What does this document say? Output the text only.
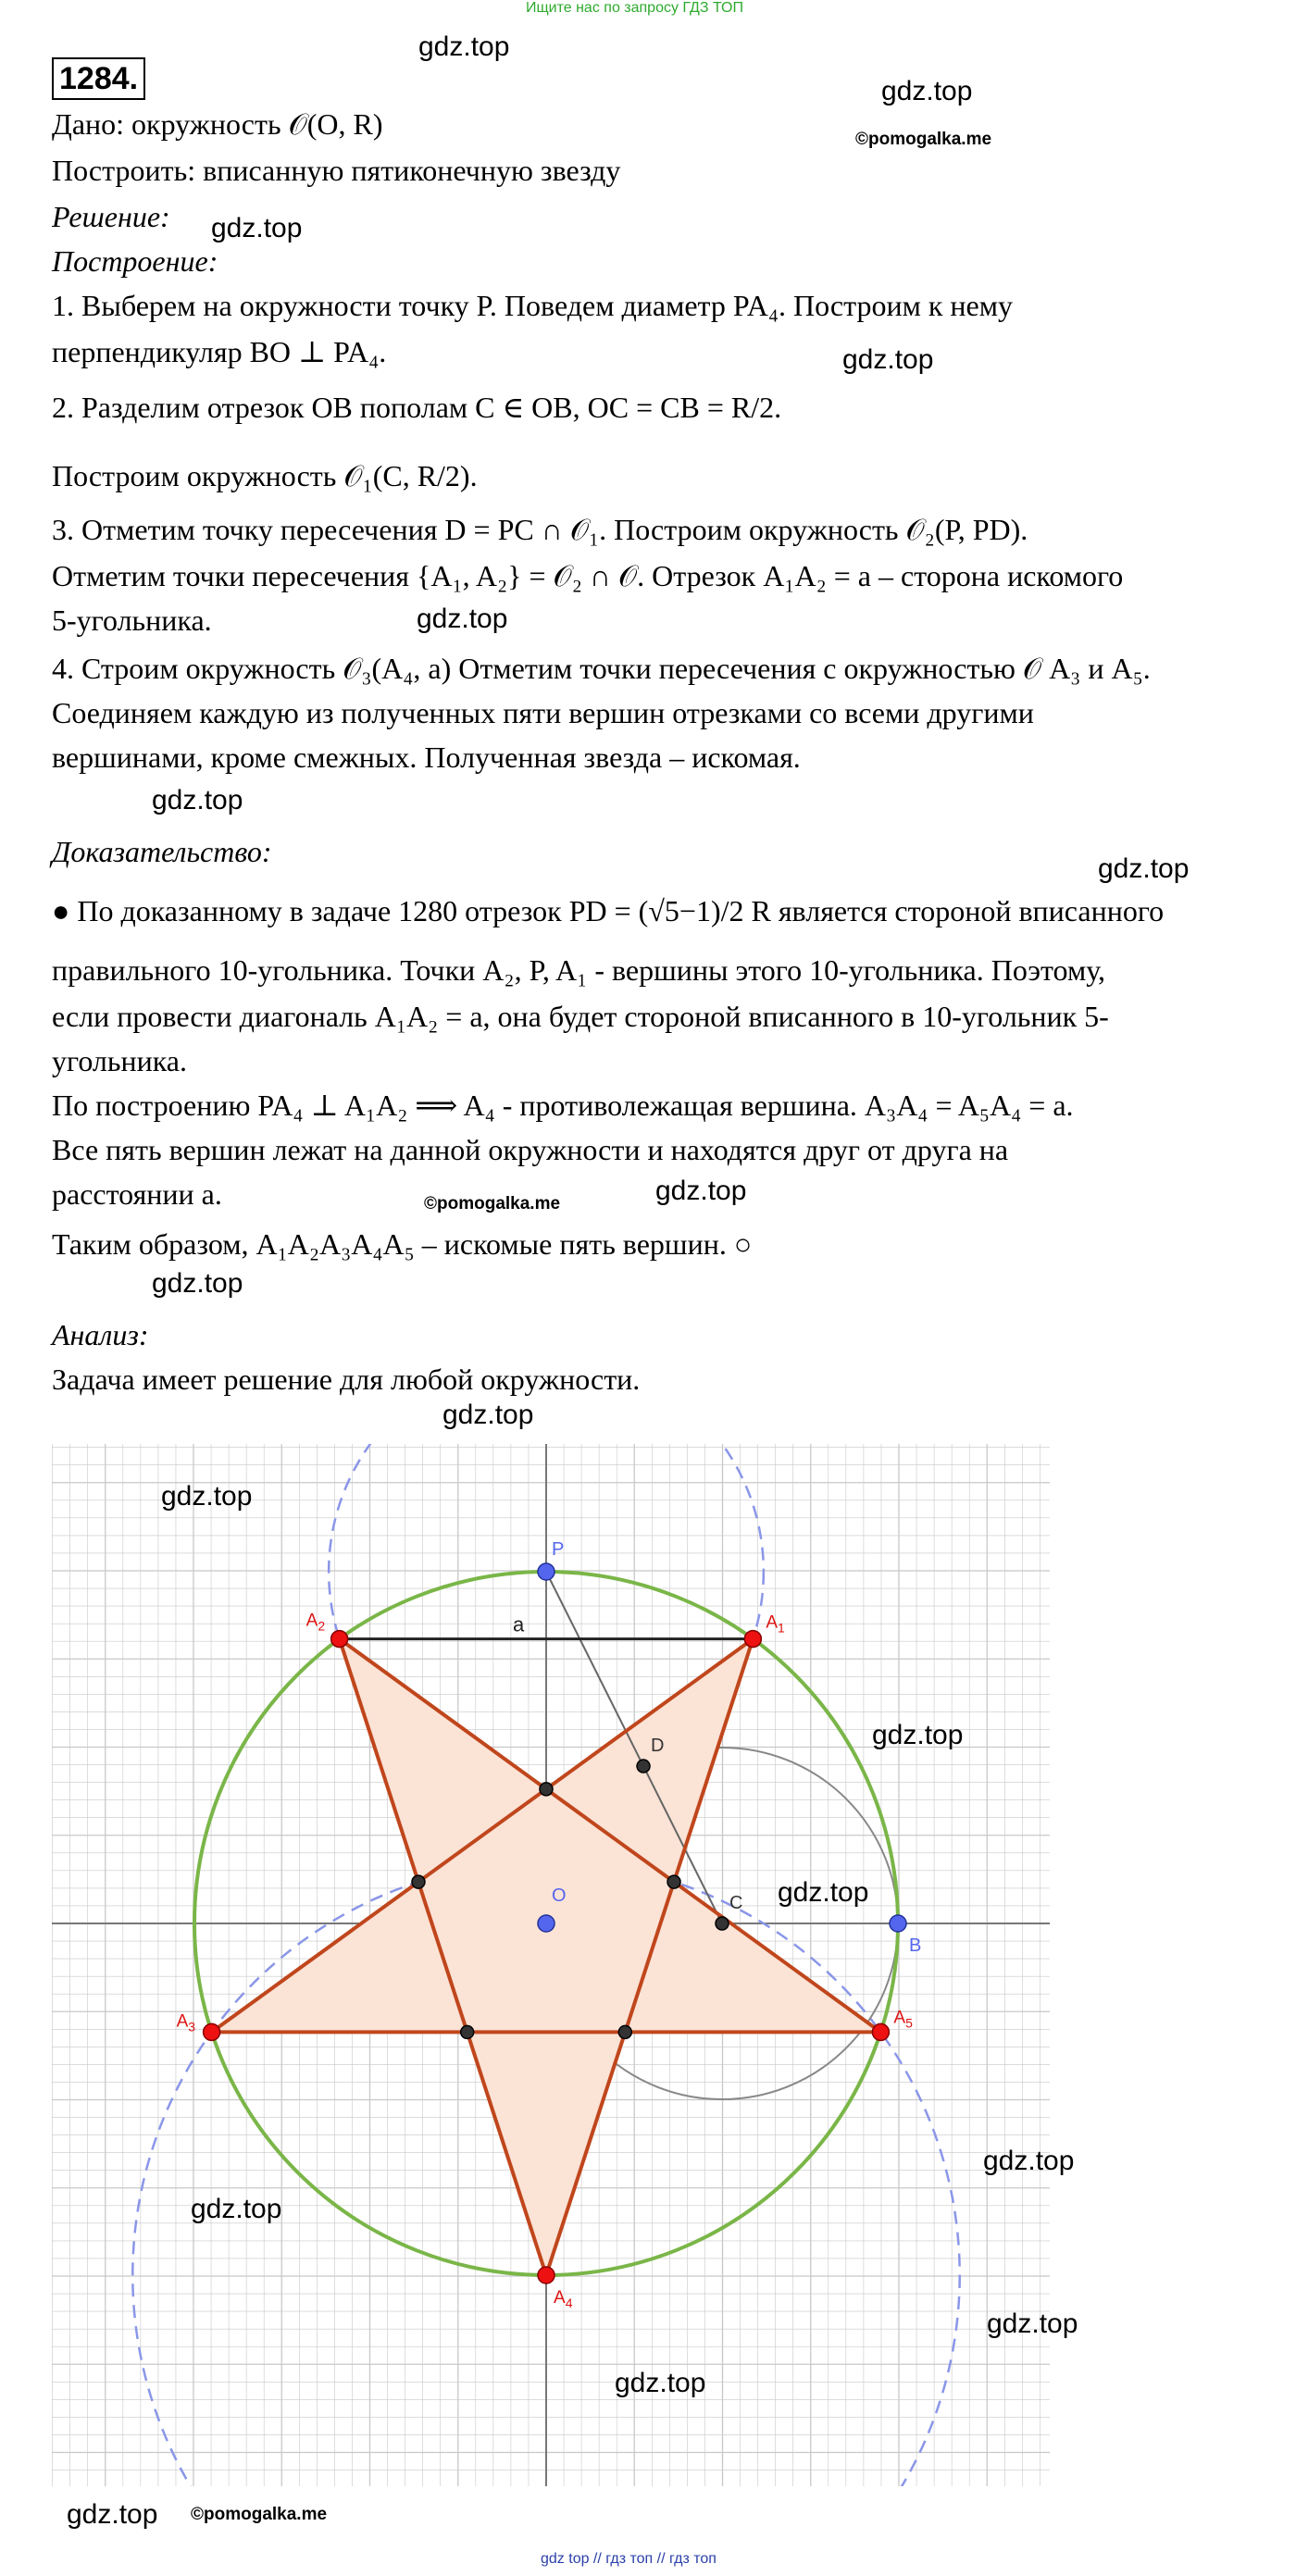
Ищите нас по запросу ГДЗ ТОП
1284.
gdz.top
gdz.top
©pomogalka.me
gdz.top
gdz.top
gdz.top
gdz.top
gdz.top
©pomogalka.me	gdz.top
gdz.top
gdz.top
Дано: окружность 𝒪(O, R)
Построить: вписанную пятиконечную звезду
Решение:
Построение:
1. Выберем на окружности точку P. Поведем диаметр PA₄. Построим к нему
перпендикуляр BO ⊥ PA₄.
2. Разделим отрезок OB пополам C ∈ OB, OC = CB = R/2.
Построим окружность 𝒪₁(C, R/2).
3. Отметим точку пересечения D = PC ∩ 𝒪₁. Построим окружность 𝒪₂(P, PD).
Отметим точки пересечения {A₁, A₂} = 𝒪₂ ∩ 𝒪. Отрезок A₁A₂ = a – сторона искомого
5-угольника.
4. Строим окружность 𝒪₃(A₄, a) Отметим точки пересечения с окружностью 𝒪 A₃ и A₅.
Соединяем каждую из полученных пяти вершин отрезками со всеми другими
вершинами, кроме смежных. Полученная звезда – искомая.
Доказательство:
● По доказанному в задаче 1280 отрезок PD = (√5−1)/2 R является стороной вписанного
правильного 10-угольника. Точки A₂, P, A₁ - вершины этого 10-угольника. Поэтому,
если провести диагональ A₁A₂ = a, она будет стороной вписанного в 10-угольник 5-
угольника.
По построению PA₄ ⊥ A₁A₂ ⟹ A₄ - противолежащая вершина. A₃A₄ = A₅A₄ = a.
Все пять вершин лежат на данной окружности и находятся друг от друга на
расстоянии a.
Таким образом, A₁A₂A₃A₄A₅ – искомые пять вершин. ○
Анализ:
Задача имеет решение для любой окружности.
P
O
B
C
D
a	$A_1$
$A_2$
$A_3$
$A_4$
$A_5$
gdz.top
gdz.top
gdz.top
gdz.top
gdz.top
gdz.top
gdz.top
gdz.top ©pomogalka.me
gdz top // гдз топ // гдз топ
